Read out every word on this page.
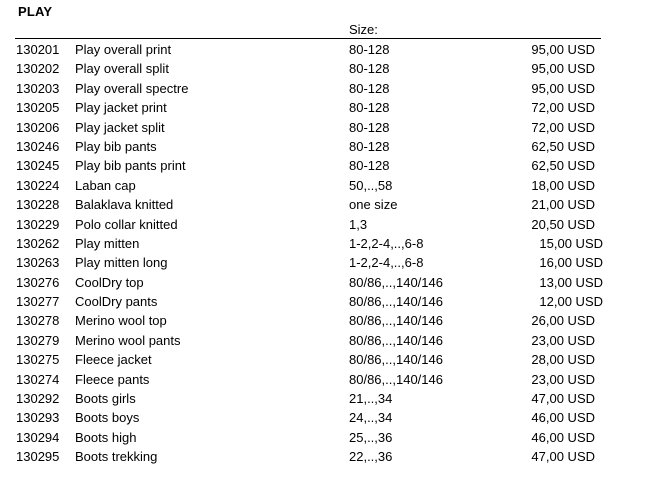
PLAY
Size:
130201 Play overall print	80-128	95,00 USD
130202 Play overall split	80-128	95,00 USD
130203 Play overall spectre	80-128	95,00 USD
130205 Play jacket print	80-128	72,00 USD
130206 Play jacket split	80-128	72,00 USD
130246 Play bib pants	80-128	62,50 USD
130245 Play bib pants print	80-128	62,50 USD
130224 Laban cap	50,..,58	18,00 USD
130228 Balaklava knitted	one size	21,00 USD
130229 Polo collar knitted	1,3	20,50 USD
130262 Play mitten	1-2,2-4,..,6-8	15,00 USD
130263 Play mitten long	1-2,2-4,..,6-8	16,00 USD
130276 CoolDry top	80/86,..,140/146	13,00 USD
130277 CoolDry pants	80/86,..,140/146	12,00 USD
130278 Merino wool top	80/86,..,140/146	26,00 USD
130279 Merino wool pants	80/86,..,140/146	23,00 USD
130275 Fleece jacket	80/86,..,140/146	28,00 USD
130274 Fleece pants	80/86,..,140/146	23,00 USD
130292 Boots girls	21,..,34	47,00 USD
130293 Boots boys	24,..,34	46,00 USD
130294 Boots high	25,..,36	46,00 USD
130295 Boots trekking	22,..,36	47,00 USD
